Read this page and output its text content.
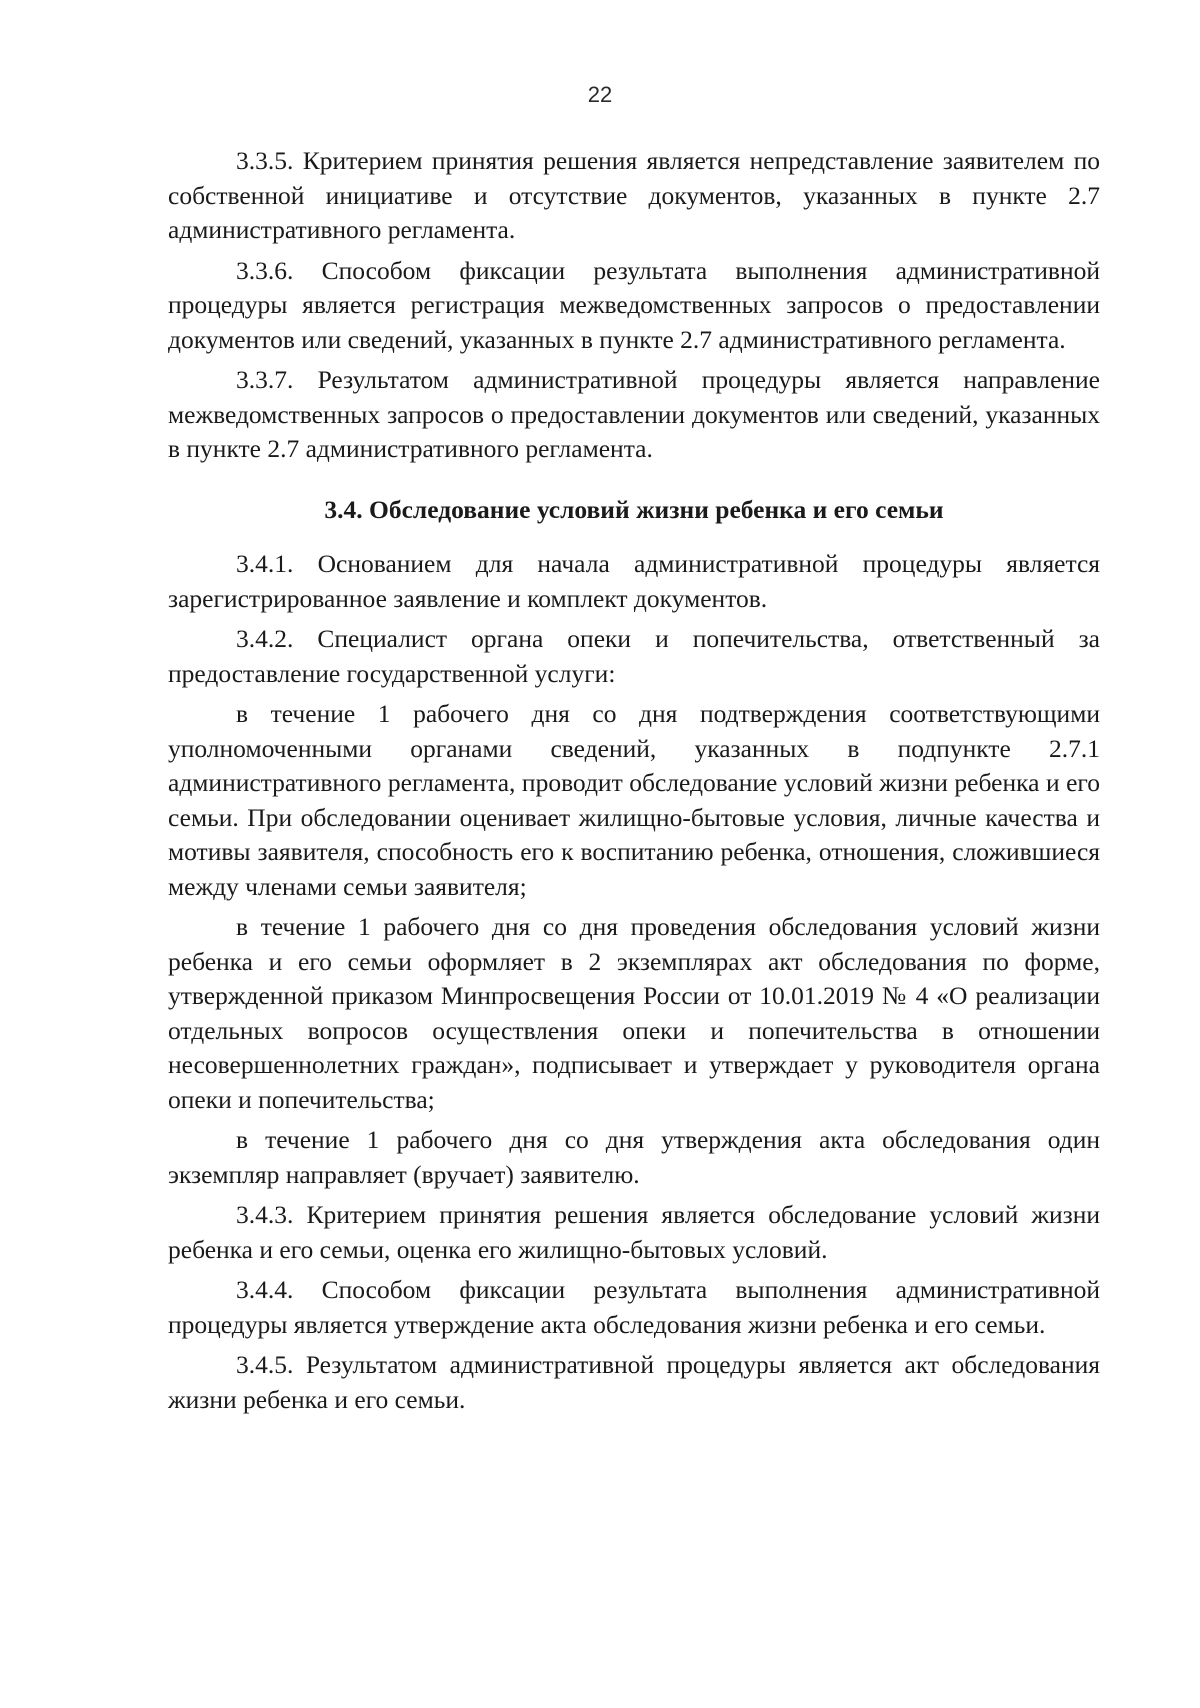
22

3.3.5. Критерием принятия решения является непредставление заявителем по собственной инициативе и отсутствие документов, указанных в пункте 2.7 административного регламента.

3.3.6. Способом фиксации результата выполнения административной процедуры является регистрация межведомственных запросов о предоставлении документов или сведений, указанных в пункте 2.7 административного регламента.

3.3.7. Результатом административной процедуры является направление межведомственных запросов о предоставлении документов или сведений, указанных в пункте 2.7 административного регламента.

3.4. Обследование условий жизни ребенка и его семьи

3.4.1. Основанием для начала административной процедуры является зарегистрированное заявление и комплект документов.

3.4.2. Специалист органа опеки и попечительства, ответственный за предоставление государственной услуги:

в течение 1 рабочего дня со дня подтверждения соответствующими уполномоченными органами сведений, указанных в подпункте 2.7.1 административного регламента, проводит обследование условий жизни ребенка и его семьи. При обследовании оценивает жилищно-бытовые условия, личные качества и мотивы заявителя, способность его к воспитанию ребенка, отношения, сложившиеся между членами семьи заявителя;

в течение 1 рабочего дня со дня проведения обследования условий жизни ребенка и его семьи оформляет в 2 экземплярах акт обследования по форме, утвержденной приказом Минпросвещения России от 10.01.2019 № 4 «О реализации отдельных вопросов осуществления опеки и попечительства в отношении несовершеннолетних граждан», подписывает и утверждает у руководителя органа опеки и попечительства;

в течение 1 рабочего дня со дня утверждения акта обследования один экземпляр направляет (вручает) заявителю.

3.4.3. Критерием принятия решения является обследование условий жизни ребенка и его семьи, оценка его жилищно-бытовых условий.

3.4.4. Способом фиксации результата выполнения административной процедуры является утверждение акта обследования жизни ребенка и его семьи.

3.4.5. Результатом административной процедуры является акт обследования жизни ребенка и его семьи.
